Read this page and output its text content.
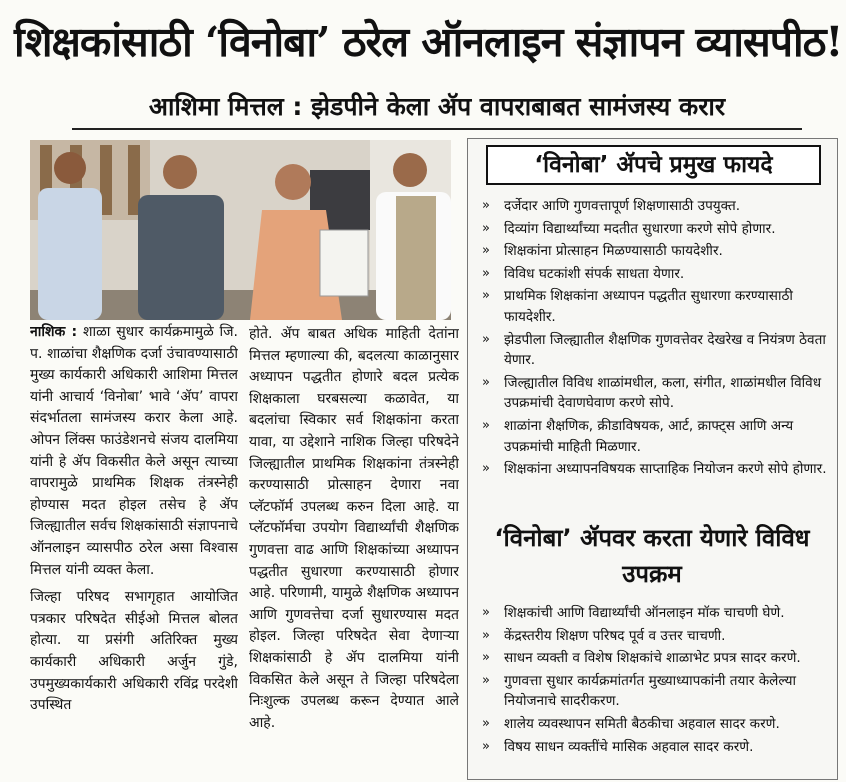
शिक्षकांसाठी ‘विनोबा’ ठरेल ऑनलाइन संज्ञापन व्यासपीठ!
आशिमा मित्तल : झेडपीने केला ॲप वापराबाबत सामंजस्य करार

नाशिक : शाळा सुधार कार्यक्रमामुळे जि. प. शाळांचा शैक्षणिक दर्जा उंचावण्यासाठी मुख्य कार्यकारी अधिकारी आशिमा मित्तल यांनी आचार्य ‘विनोबा’ भावे ‘ॲप’ वापरा संदर्भातला सामंजस्य करार केला आहे. ओपन लिंक्स फाउंडेशनचे संजय दालमिया यांनी हे ॲप विकसीत केले असून त्याच्या वापरामुळे प्राथमिक शिक्षक तंत्रस्नेही होण्यास मदत होइल तसेच हे ॲप जिल्ह्यातील सर्वच शिक्षकांसाठी संज्ञापनाचे ऑनलाइन व्यासपीठ ठरेल असा विश्वास मित्तल यांनी व्यक्त केला.

जिल्हा परिषद सभागृहात आयोजित पत्रकार परिषदेत सीईओ मित्तल बोलत होत्या. या प्रसंगी अतिरिक्त मुख्य कार्यकारी अधिकारी अर्जुन गुंडे, उपमुख्यकार्यकारी अधिकारी रविंद्र परदेशी उपस्थित

होते. ॲप बाबत अधिक माहिती देतांना मित्तल म्हणाल्या की, बदलत्या काळानुसार अध्यापन पद्धतीत होणारे बदल प्रत्येक शिक्षकाला घरबसल्या कळावेत, या बदलांचा स्विकार सर्व शिक्षकांना करता यावा, या उद्देशाने नाशिक जिल्हा परिषदेने जिल्ह्यातील प्राथमिक शिक्षकांना तंत्रस्नेही करण्यासाठी प्रोत्साहन देणारा नवा प्लॅटफॉर्म उपलब्ध करुन दिला आहे. या प्लॅटफॉर्मचा उपयोग विद्यार्थ्यांची शैक्षणिक गुणवत्ता वाढ आणि शिक्षकांच्या अध्यापन पद्धतीत सुधारणा करण्यासाठी होणार आहे. परिणामी, यामुळे शैक्षणिक अध्यापन आणि गुणवत्तेचा दर्जा सुधारण्यास मदत होइल. जिल्हा परिषदेत सेवा देणाऱ्या शिक्षकांसाठी हे ॲप दालमिया यांनी विकसित केले असून ते जिल्हा परिषदेला निःशुल्क उपलब्ध करून देण्यात आले आहे.

‘विनोबा’ ॲपचे प्रमुख फायदे
» दर्जेदार आणि गुणवत्तापूर्ण शिक्षणासाठी उपयुक्त.
» दिव्यांग विद्यार्थ्यांच्या मदतीत सुधारणा करणे सोपे होणार.
» शिक्षकांना प्रोत्साहन मिळण्यासाठी फायदेशीर.
» विविध घटकांशी संपर्क साधता येणार.
» प्राथमिक शिक्षकांना अध्यापन पद्धतीत सुधारणा करण्यासाठी फायदेशीर.
» झेडपीला जिल्ह्यातील शैक्षणिक गुणवत्तेवर देखरेख व नियंत्रण ठेवता येणार.
» जिल्ह्यातील विविध शाळांमधील, कला, संगीत, शाळांमधील विविध उपक्रमांची देवाणघेवाण करणे सोपे.
» शाळांना शैक्षणिक, क्रीडाविषयक, आर्ट, क्राफ्ट्स आणि अन्य उपक्रमांची माहिती मिळणार.
» शिक्षकांना अध्यापनविषयक साप्ताहिक नियोजन करणे सोपे होणार.
‘विनोबा’ ॲपवर करता येणारे विविध उपक्रम
» शिक्षकांची आणि विद्यार्थ्यांची ऑनलाइन मॉक चाचणी घेणे.
» केंद्रस्तरीय शिक्षण परिषद पूर्व व उत्तर चाचणी.
» साधन व्यक्ती व विशेष शिक्षकांचे शाळाभेट प्रपत्र सादर करणे.
» गुणवत्ता सुधार कार्यक्रमांतर्गत मुख्याध्यापकांनी तयार केलेल्या नियोजनाचे सादरीकरण.
» शालेय व्यवस्थापन समिती बैठकीचा अहवाल सादर करणे.
» विषय साधन व्यक्तींचे मासिक अहवाल सादर करणे.
